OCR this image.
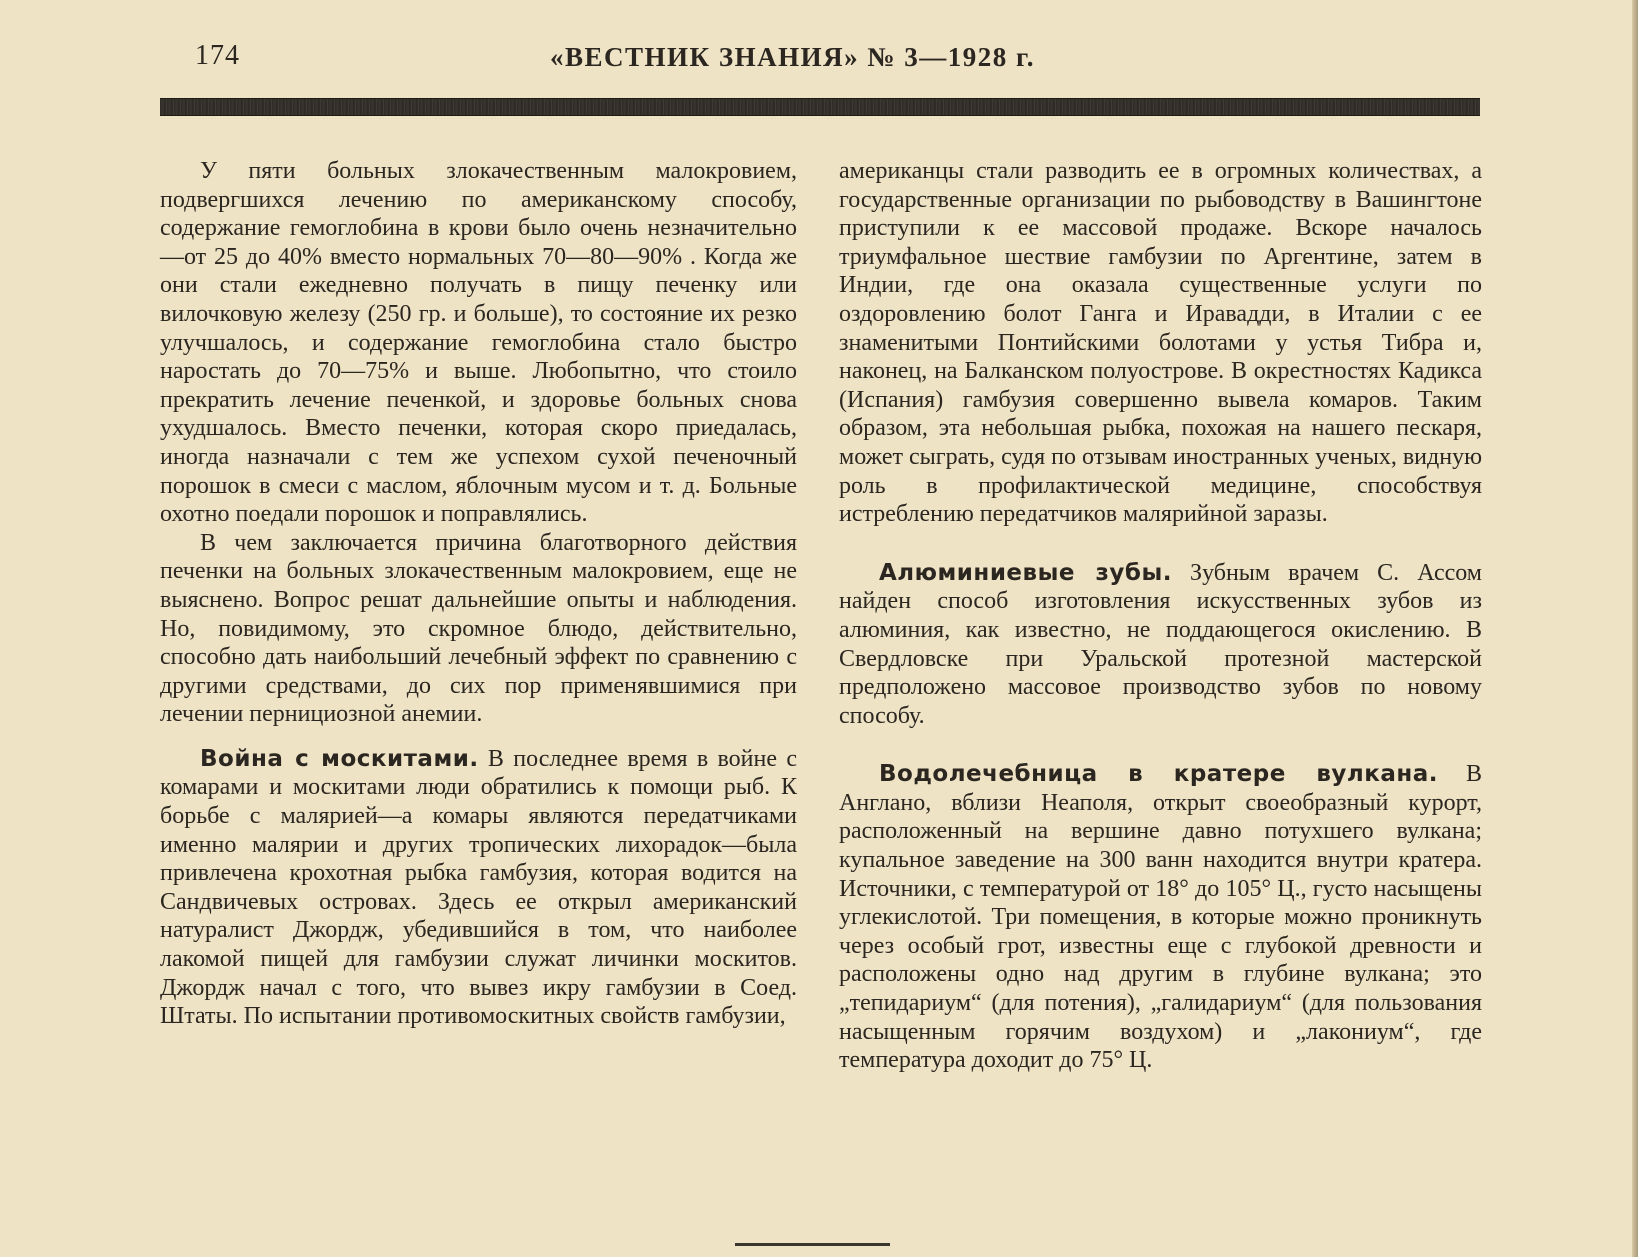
174	«ВЕСТНИК ЗНАНИЯ» № 3—1928 г.

У пяти больных злокачественным малокровием, подвергшихся лечению по американскому способу, содержание гемоглобина в крови было очень незначительно—от 25 до 40% вместо нормальных 70—80—90% . Когда же они стали ежедневно получать в пищу печенку или вилочковую железу (250 гр. и больше), то состояние их резко улучшалось, и содержание гемоглобина стало быстро наростать до 70—75% и выше. Любопытно, что стоило прекратить лечение печенкой, и здоровье больных снова ухудшалось. Вместо печенки, которая скоро приедалась, иногда назначали с тем же успехом сухой печеночный порошок в смеси с маслом, яблочным мусом и т. д. Больные охотно поедали порошок и поправлялись.

В чем заключается причина благотворного действия печенки на больных злокачественным малокровием, еще не выяснено. Вопрос решат дальнейшие опыты и наблюдения. Но, повидимому, это скромное блюдо, действительно, способно дать наибольший лечебный эффект по сравнению с другими средствами, до сих пор применявшимися при лечении пернициозной анемии.

Война с москитами. В последнее время в войне с комарами и москитами люди обратились к помощи рыб. К борьбе с малярией—а комары являются передатчиками именно малярии и других тропических лихорадок—была привлечена крохотная рыбка гамбузия, которая водится на Сандвичевых островах. Здесь ее открыл американский натуралист Джордж, убедившийся в том, что наиболее лакомой пищей для гамбузии служат личинки москитов. Джордж начал с того, что вывез икру гамбузии в Соед. Штаты. По испытании противомоскитных свойств гамбузии,

американцы стали разводить ее в огромных количествах, а государственные организации по рыбоводству в Вашингтоне приступили к ее массовой продаже. Вскоре началось триумфальное шествие гамбузии по Аргентине, затем в Индии, где она оказала существенные услуги по оздоровлению болот Ганга и Иравадди, в Италии с ее знаменитыми Понтийскими болотами у устья Тибра и, наконец, на Балканском полуострове. В окрестностях Кадикса (Испания) гамбузия совершенно вывела комаров. Таким образом, эта небольшая рыбка, похожая на нашего пескаря, может сыграть, судя по отзывам иностранных ученых, видную роль в профилактической медицине, способствуя истреблению передатчиков малярийной заразы.

Алюминиевые зубы. Зубным врачем С. Ассом найден способ изготовления искусственных зубов из алюминия, как известно, не поддающегося окислению. В Свердловске при Уральской протезной мастерской предположено массовое производство зубов по новому способу.

Водолечебница в кратере вулкана. В Англано, вблизи Неаполя, открыт своеобразный курорт, расположенный на вершине давно потухшего вулкана; купальное заведение на 300 ванн находится внутри кратера. Источники, с температурой от 18° до 105° Ц., густо насыщены углекислотой. Три помещения, в которые можно проникнуть через особый грот, известны еще с глубокой древности и расположены одно над другим в глубине вулкана; это „тепидариум“ (для потения), „галидариум“ (для пользования насыщенным горячим воздухом) и „лакониум“, где температура доходит до 75° Ц.
